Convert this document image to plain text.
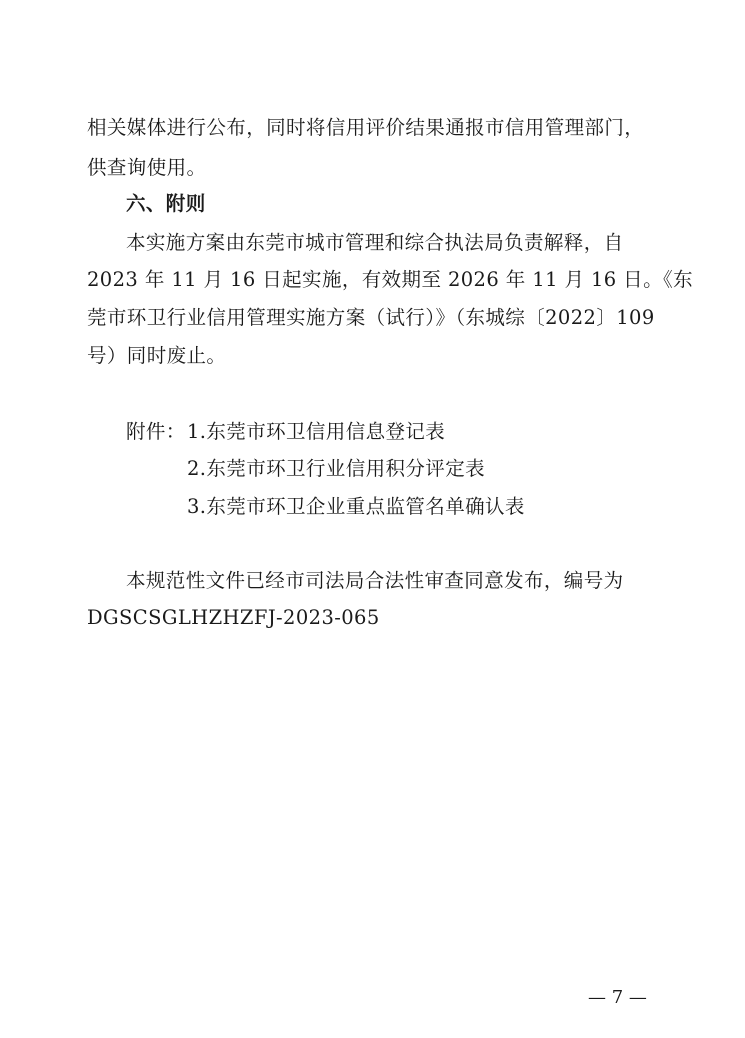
相关媒体进行公布，同时将信用评价结果通报市信用管理部门，
供查询使用。
六、附则
本实施方案由东莞市城市管理和综合执法局负责解释，自
2023 年 11 月 16 日起实施，有效期至 2026 年 11 月 16 日。《东
莞市环卫行业信用管理实施方案（试行）》（东城综〔2022〕109
号）同时废止。
附件： 1.东莞市环卫信用信息登记表
2.东莞市环卫行业信用积分评定表
3.东莞市环卫企业重点监管名单确认表
本规范性文件已经市司法局合法性审查同意发布，编号为
DGSCSGLHZHZFJ-2023-065
— 7 —
